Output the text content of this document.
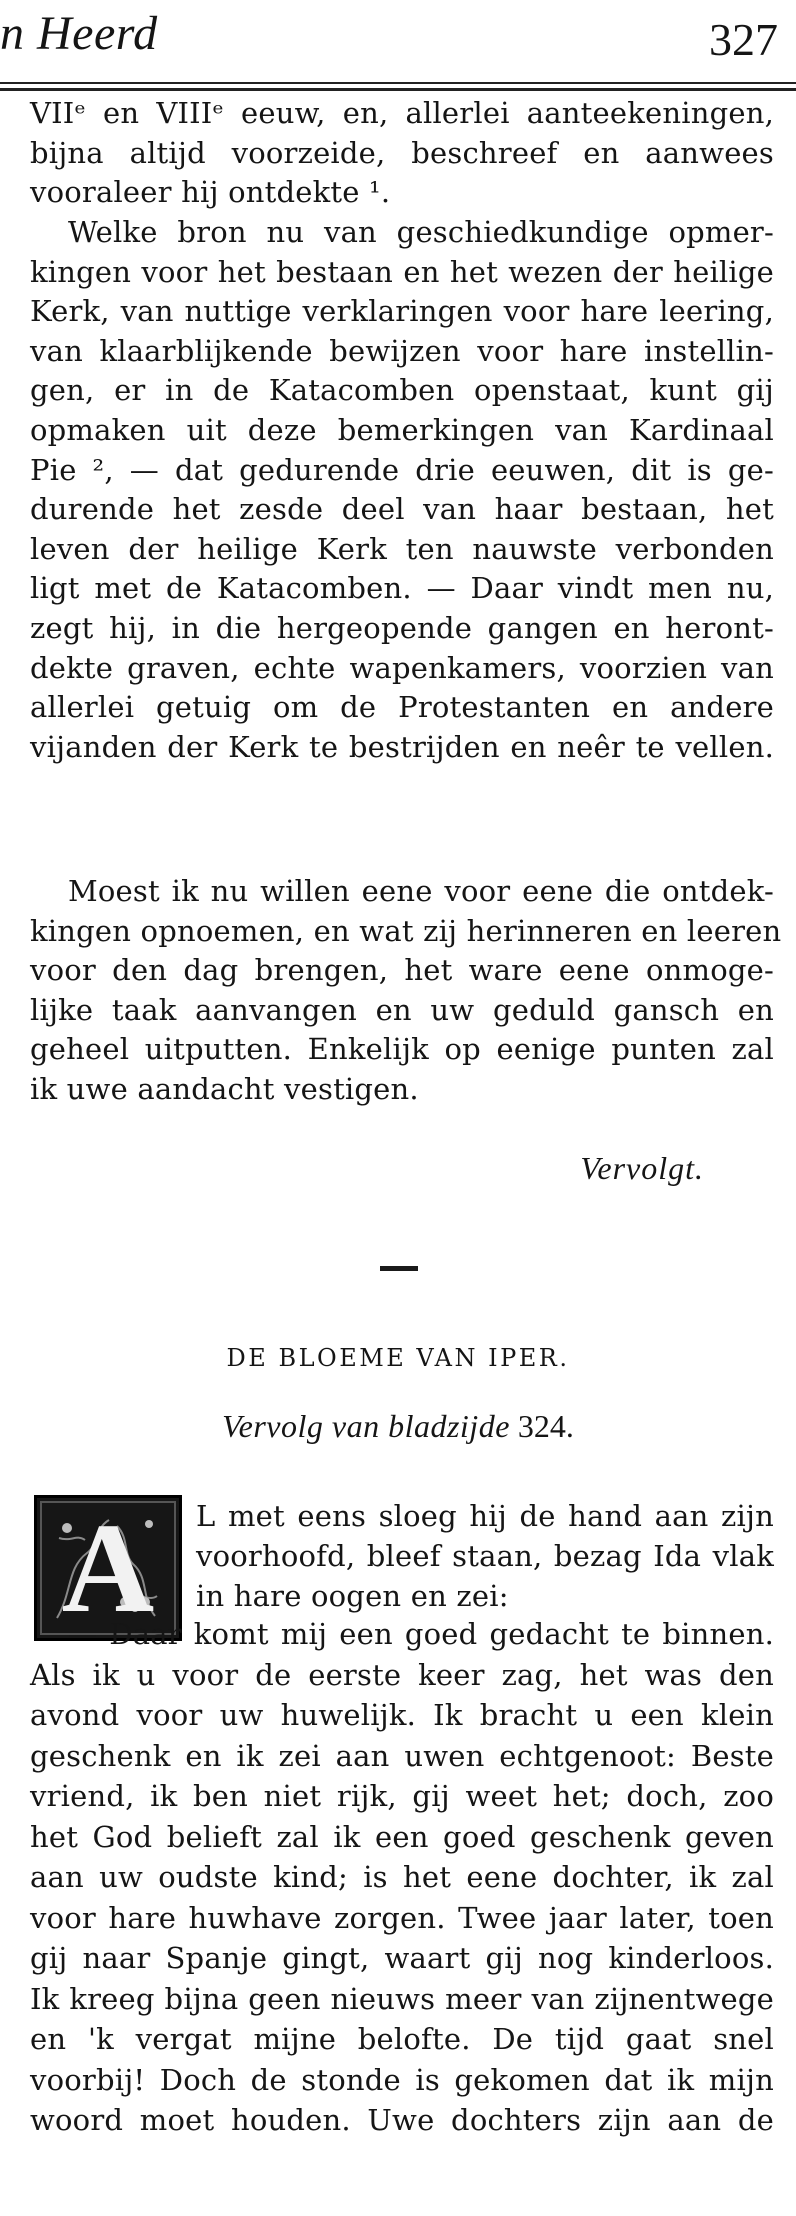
n Heerd	327

VIIᵉ en VIIIᵉ eeuw, en, allerlei aanteekeningen,
bijna altijd voorzeide, beschreef en aanwees
vooraleer hij ontdekte ¹.

Welke bron nu van geschiedkundige opmer-
kingen voor het bestaan en het wezen der heilige
Kerk, van nuttige verklaringen voor hare leering,
van klaarblijkende bewijzen voor hare instellin-
gen, er in de Katacomben openstaat, kunt gij
opmaken uit deze bemerkingen van Kardinaal
Pie ², — dat gedurende drie eeuwen, dit is ge-
durende het zesde deel van haar bestaan, het
leven der heilige Kerk ten nauwste verbonden
ligt met de Katacomben. — Daar vindt men nu,
zegt hij, in die hergeopende gangen en heront-
dekte graven, echte wapenkamers, voorzien van
allerlei getuig om de Protestanten en andere
vijanden der Kerk te bestrijden en neêr te vellen.

Moest ik nu willen eene voor eene die ontdek-
kingen opnoemen, en wat zij herinneren en leeren
voor den dag brengen, het ware eene onmoge-
lijke taak aanvangen en uw geduld gansch en
geheel uitputten. Enkelijk op eenige punten zal
ik uwe aandacht vestigen.

Vervolgt.
DE BLOEME VAN IPER.
Vervolg van bladzijde 324.
A	L met eens sloeg hij de hand aan zijn
voorhoofd, bleef staan, bezag Ida vlak
in hare oogen en zei:

— Daar komt mij een goed gedacht te binnen.
Als ik u voor de eerste keer zag, het was den
avond voor uw huwelijk. Ik bracht u een klein
geschenk en ik zei aan uwen echtgenoot: Beste
vriend, ik ben niet rijk, gij weet het; doch, zoo
het God belieft zal ik een goed geschenk geven
aan uw oudste kind; is het eene dochter, ik zal
voor hare huwhave zorgen. Twee jaar later, toen
gij naar Spanje gingt, waart gij nog kinderloos.
Ik kreeg bijna geen nieuws meer van zijnentwege
en 'k vergat mijne belofte. De tijd gaat snel
voorbij! Doch de stonde is gekomen dat ik mijn
woord moet houden. Uwe dochters zijn aan de
